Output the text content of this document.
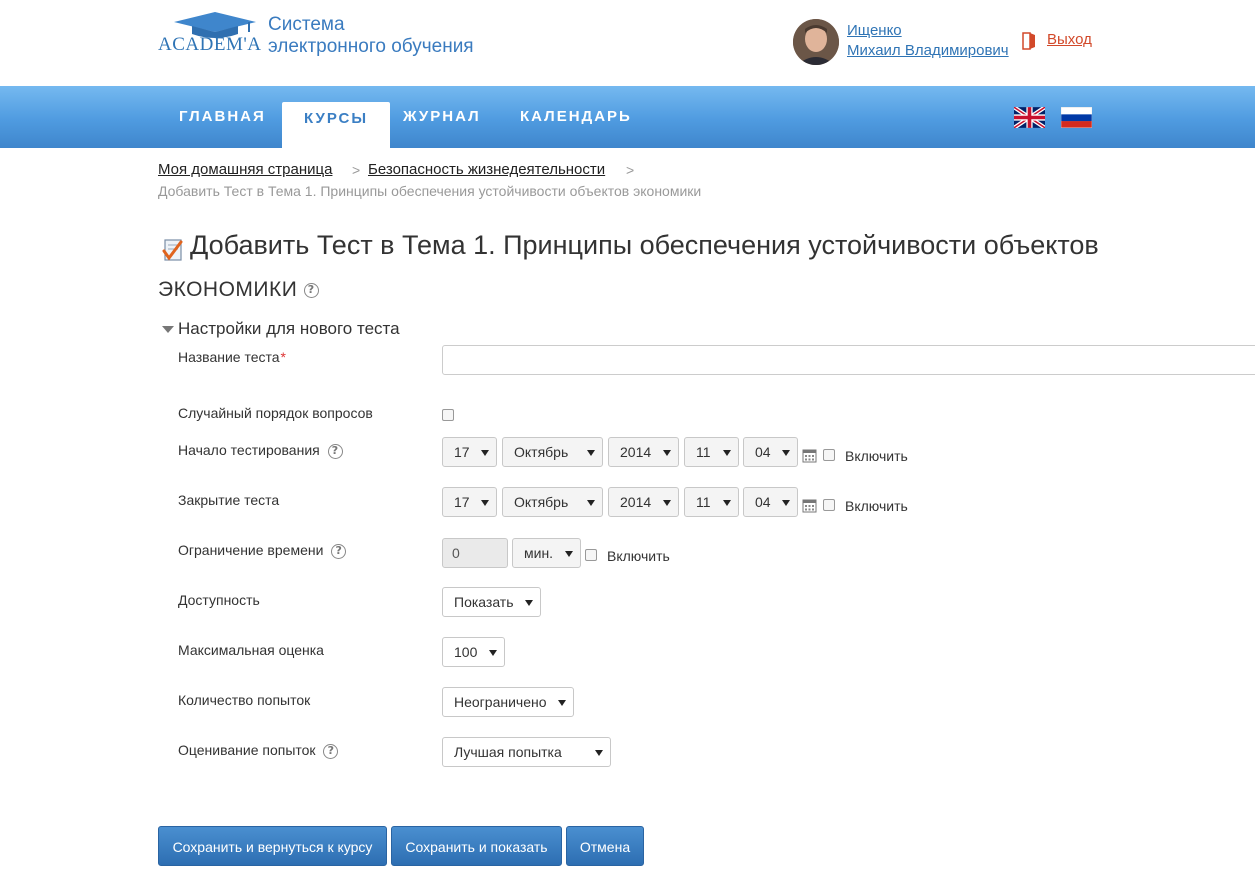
ACADEM'A
Система
электронного обучения
Ищенко
Михаил Владимирович
Выход
ГЛАВНАЯ	КУРСЫ	ЖУРНАЛ	КАЛЕНДАРЬ
Моя домашняя страница > Безопасность жизнедеятельности >
Добавить Тест в Тема 1. Принципы обеспечения устойчивости объектов экономики
Добавить Тест в Тема 1. Принципы обеспечения устойчивости объектов
ЭКОНОМИКИ ?
Настройки для нового теста
Название теста*
Случайный порядок вопросов
Начало тестирования ?	17	Октябрь	2014	11	04	Включить
Закрытие теста	17	Октябрь	2014	11	04	Включить
Ограничение времени ?	0	мин.	Включить
Доступность	Показать
Максимальная оценка	100
Количество попыток	Неограничено
Оценивание попыток ?	Лучшая попытка
Сохранить и вернуться к курсу	Сохранить и показать	Отмена
